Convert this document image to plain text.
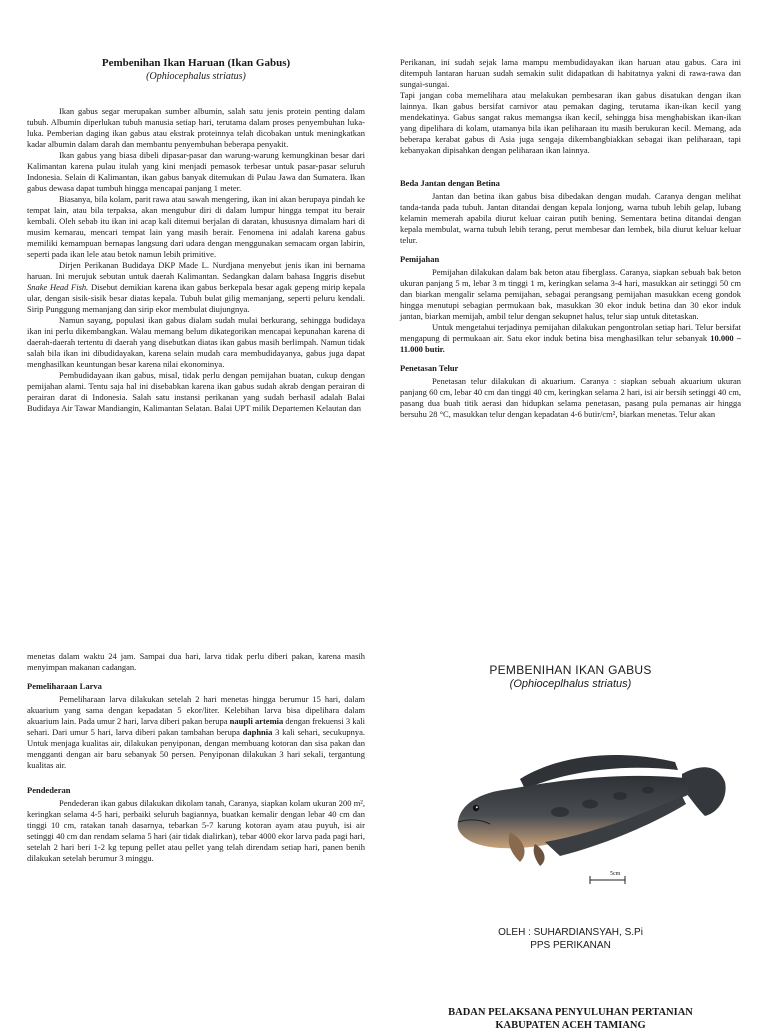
Pembenihan Ikan Haruan (Ikan Gabus)
(Ophiocephalus striatus)

Ikan gabus segar merupakan sumber albumin, salah satu jenis protein penting dalam tubuh. Albumin diperlukan tubuh manusia setiap hari, terutama dalam proses penyembuhan luka-luka. Pemberian daging ikan gabus atau ekstrak proteinnya telah dicobakan untuk meningkatkan kadar albumin dalam darah dan membantu penyembuhan beberapa penyakit.

Ikan gabus yang biasa dibeli dipasar-pasar dan warung-warung kemungkinan besar dari Kalimantan karena pulau itulah yang kini menjadi pemasok terbesar untuk pasar-pasar seluruh Indonesia. Selain di Kalimantan, ikan gabus banyak ditemukan di Pulau Jawa dan Sumatera. Ikan gabus dewasa dapat tumbuh hingga mencapai panjang 1 meter.

Biasanya, bila kolam, parit rawa atau sawah mengering, ikan ini akan berupaya pindah ke tempat lain, atau bila terpaksa, akan mengubur diri di dalam lumpur hingga tempat itu berair kembali. Oleh sebab itu ikan ini acap kali ditemui berjalan di daratan, khususnya dimalam hari di musim kemarau, mencari tempat lain yang masih berair. Fenomena ini adalah karena gabus memiliki kemampuan bernapas langsung dari udara dengan menggunakan semacam organ labirin, seperti pada ikan lele atau betok namun lebih primitive.

Dirjen Perikanan Budidaya DKP Made L. Nurdjana menyebut jenis ikan ini bernama haruan. Ini merujuk sebutan untuk daerah Kalimantan. Sedangkan dalam bahasa Inggris disebut Snake Head Fish. Disebut demikian karena ikan gabus berkepala besar agak gepeng mirip kepala ular, dengan sisik-sisik besar diatas kepala. Tubuh bulat gilig memanjang, seperti peluru kendali. Sirip Punggung memanjang dan sirip ekor membulat diujungnya.

Namun sayang, populasi ikan gabus dialam sudah mulai berkurang, sehingga budidaya ikan ini perlu dikembangkan. Walau memang belum dikategorikan mencapai kepunahan karena di daerah-daerah tertentu di daerah yang disebutkan diatas ikan gabus masih berlimpah. Namun tidak salah bila ikan ini dibudidayakan, karena selain mudah cara membudidayanya, gabus juga dapat menghasilkan keuntungan besar karena nilai ekonominya.

Pembudidayaan ikan gabus, misal, tidak perlu dengan pemijahan buatan, cukup dengan pemijahan alami. Tentu saja hal ini disebabkan karena ikan gabus sudah akrab dengan perairan di perairan darat di Indonesia. Salah satu instansi perikanan yang sudah berhasil adalah Balai Budidaya Air Tawar Mandiangin, Kalimantan Selatan. Balai UPT milik Departemen Kelautan dan

Perikanan, ini sudah sejak lama mampu membudidayakan ikan haruan atau gabus. Cara ini ditempuh lantaran haruan sudah semakin sulit didapatkan di habitatnya yakni di rawa-rawa dan sungai-sungai.

Tapi jangan coba memelihara atau melakukan pembesaran ikan gabus disatukan dengan ikan lainnya. Ikan gabus bersifat carnivor atau pemakan daging, terutama ikan-ikan kecil yang mendekatinya. Gabus sangat rakus memangsa ikan kecil, sehingga bisa menghabiskan ikan-ikan yang dipelihara di kolam, utamanya bila ikan peliharaan itu masih berukuran kecil. Memang, ada beberapa kerabat gabus di Asia juga sengaja dikembangbiakkan sebagai ikan peliharaan, tapi kebanyakan dipisahkan dengan peliharaan ikan lainnya.

Beda Jantan dengan Betina

Jantan dan betina ikan gabus bisa dibedakan dengan mudah. Caranya dengan melihat tanda-tanda pada tubuh. Jantan ditandai dengan kepala lonjong, warna tubuh lebih gelap, lubang kelamin memerah apabila diurut keluar cairan putih bening. Sementara betina ditandai dengan kepala membulat, warna tubuh lebih terang, perut membesar dan lembek, bila diurut keluar keluar telur.

Pemijahan

Pemijahan dilakukan dalam bak beton atau fiberglass. Caranya, siapkan sebuah bak beton ukuran panjang 5 m, lebar 3 m tinggi 1 m, keringkan selama 3-4 hari, masukkan air setinggi 50 cm dan biarkan mengalir selama pemijahan, sebagai perangsang pemijahan masukkan eceng gondok hingga menutupi sebagian permukaan bak, masukkan 30 ekor induk betina dan 30 ekor induk jantan, biarkan memijah, ambil telur dengan sekupnet halus, telur siap untuk ditetaskan.

Untuk mengetahui terjadinya pemijahan dilakukan pengontrolan setiap hari. Telur bersifat mengapung di permukaan air. Satu ekor induk betina bisa menghasilkan telur sebanyak 10.000 – 11.000 butir.

Penetasan Telur

Penetasan telur dilakukan di akuarium. Caranya : siapkan sebuah akuarium ukuran panjang 60 cm, lebar 40 cm dan tinggi 40 cm, keringkan selama 2 hari, isi air bersih setinggi 40 cm, pasang dua buah titik aerasi dan hidupkan selama penetasan, pasang pula pemanas air hingga bersuhu 28 °C, masukkan telur dengan kepadatan 4-6 butir/cm², biarkan menetas. Telur akan

menetas dalam waktu 24 jam. Sampai dua hari, larva tidak perlu diberi pakan, karena masih menyimpan makanan cadangan.

Pemeliharaan Larva

Pemeliharaan larva dilakukan setelah 2 hari menetas hingga berumur 15 hari, dalam akuarium yang sama dengan kepadatan 5 ekor/liter. Kelebihan larva bisa dipelihara dalam akuarium lain. Pada umur 2 hari, larva diberi pakan berupa naupli artemia dengan frekuensi 3 kali sehari. Dari umur 5 hari, larva diberi pakan tambahan berupa daphnia 3 kali sehari, secukupnya. Untuk menjaga kualitas air, dilakukan penyiponan, dengan membuang kotoran dan sisa pakan dan mengganti dengan air baru sebanyak 50 persen. Penyiponan dilakukan 3 hari sekali, tergantung kualitas air.

Pendederan

Pendederan ikan gabus dilakukan dikolam tanah, Caranya, siapkan kolam ukuran 200 m², keringkan selama 4-5 hari, perbaiki seluruh bagiannya, buatkan kemalir dengan lebar 40 cm dan tinggi 10 cm, ratakan tanah dasarnya, tebarkan 5-7 karung kotoran ayam atau puyuh, isi air setinggi 40 cm dan rendam selama 5 hari (air tidak dialirkan), tebar 4000 ekor larva pada pagi hari, setelah 2 hari beri 1-2 kg tepung pellet atau pellet yang telah direndam setiap hari, panen benih dilakukan setelah berumur 3 minggu.

PEMBENIHAN IKAN GABUS
(Ophioceplhalus striatus)
5cm
OLEH : SUHARDIANSYAH, S.Pi
PPS PERIKANAN
BADAN PELAKSANA PENYULUHAN PERTANIAN
KABUPATEN ACEH TAMIANG
